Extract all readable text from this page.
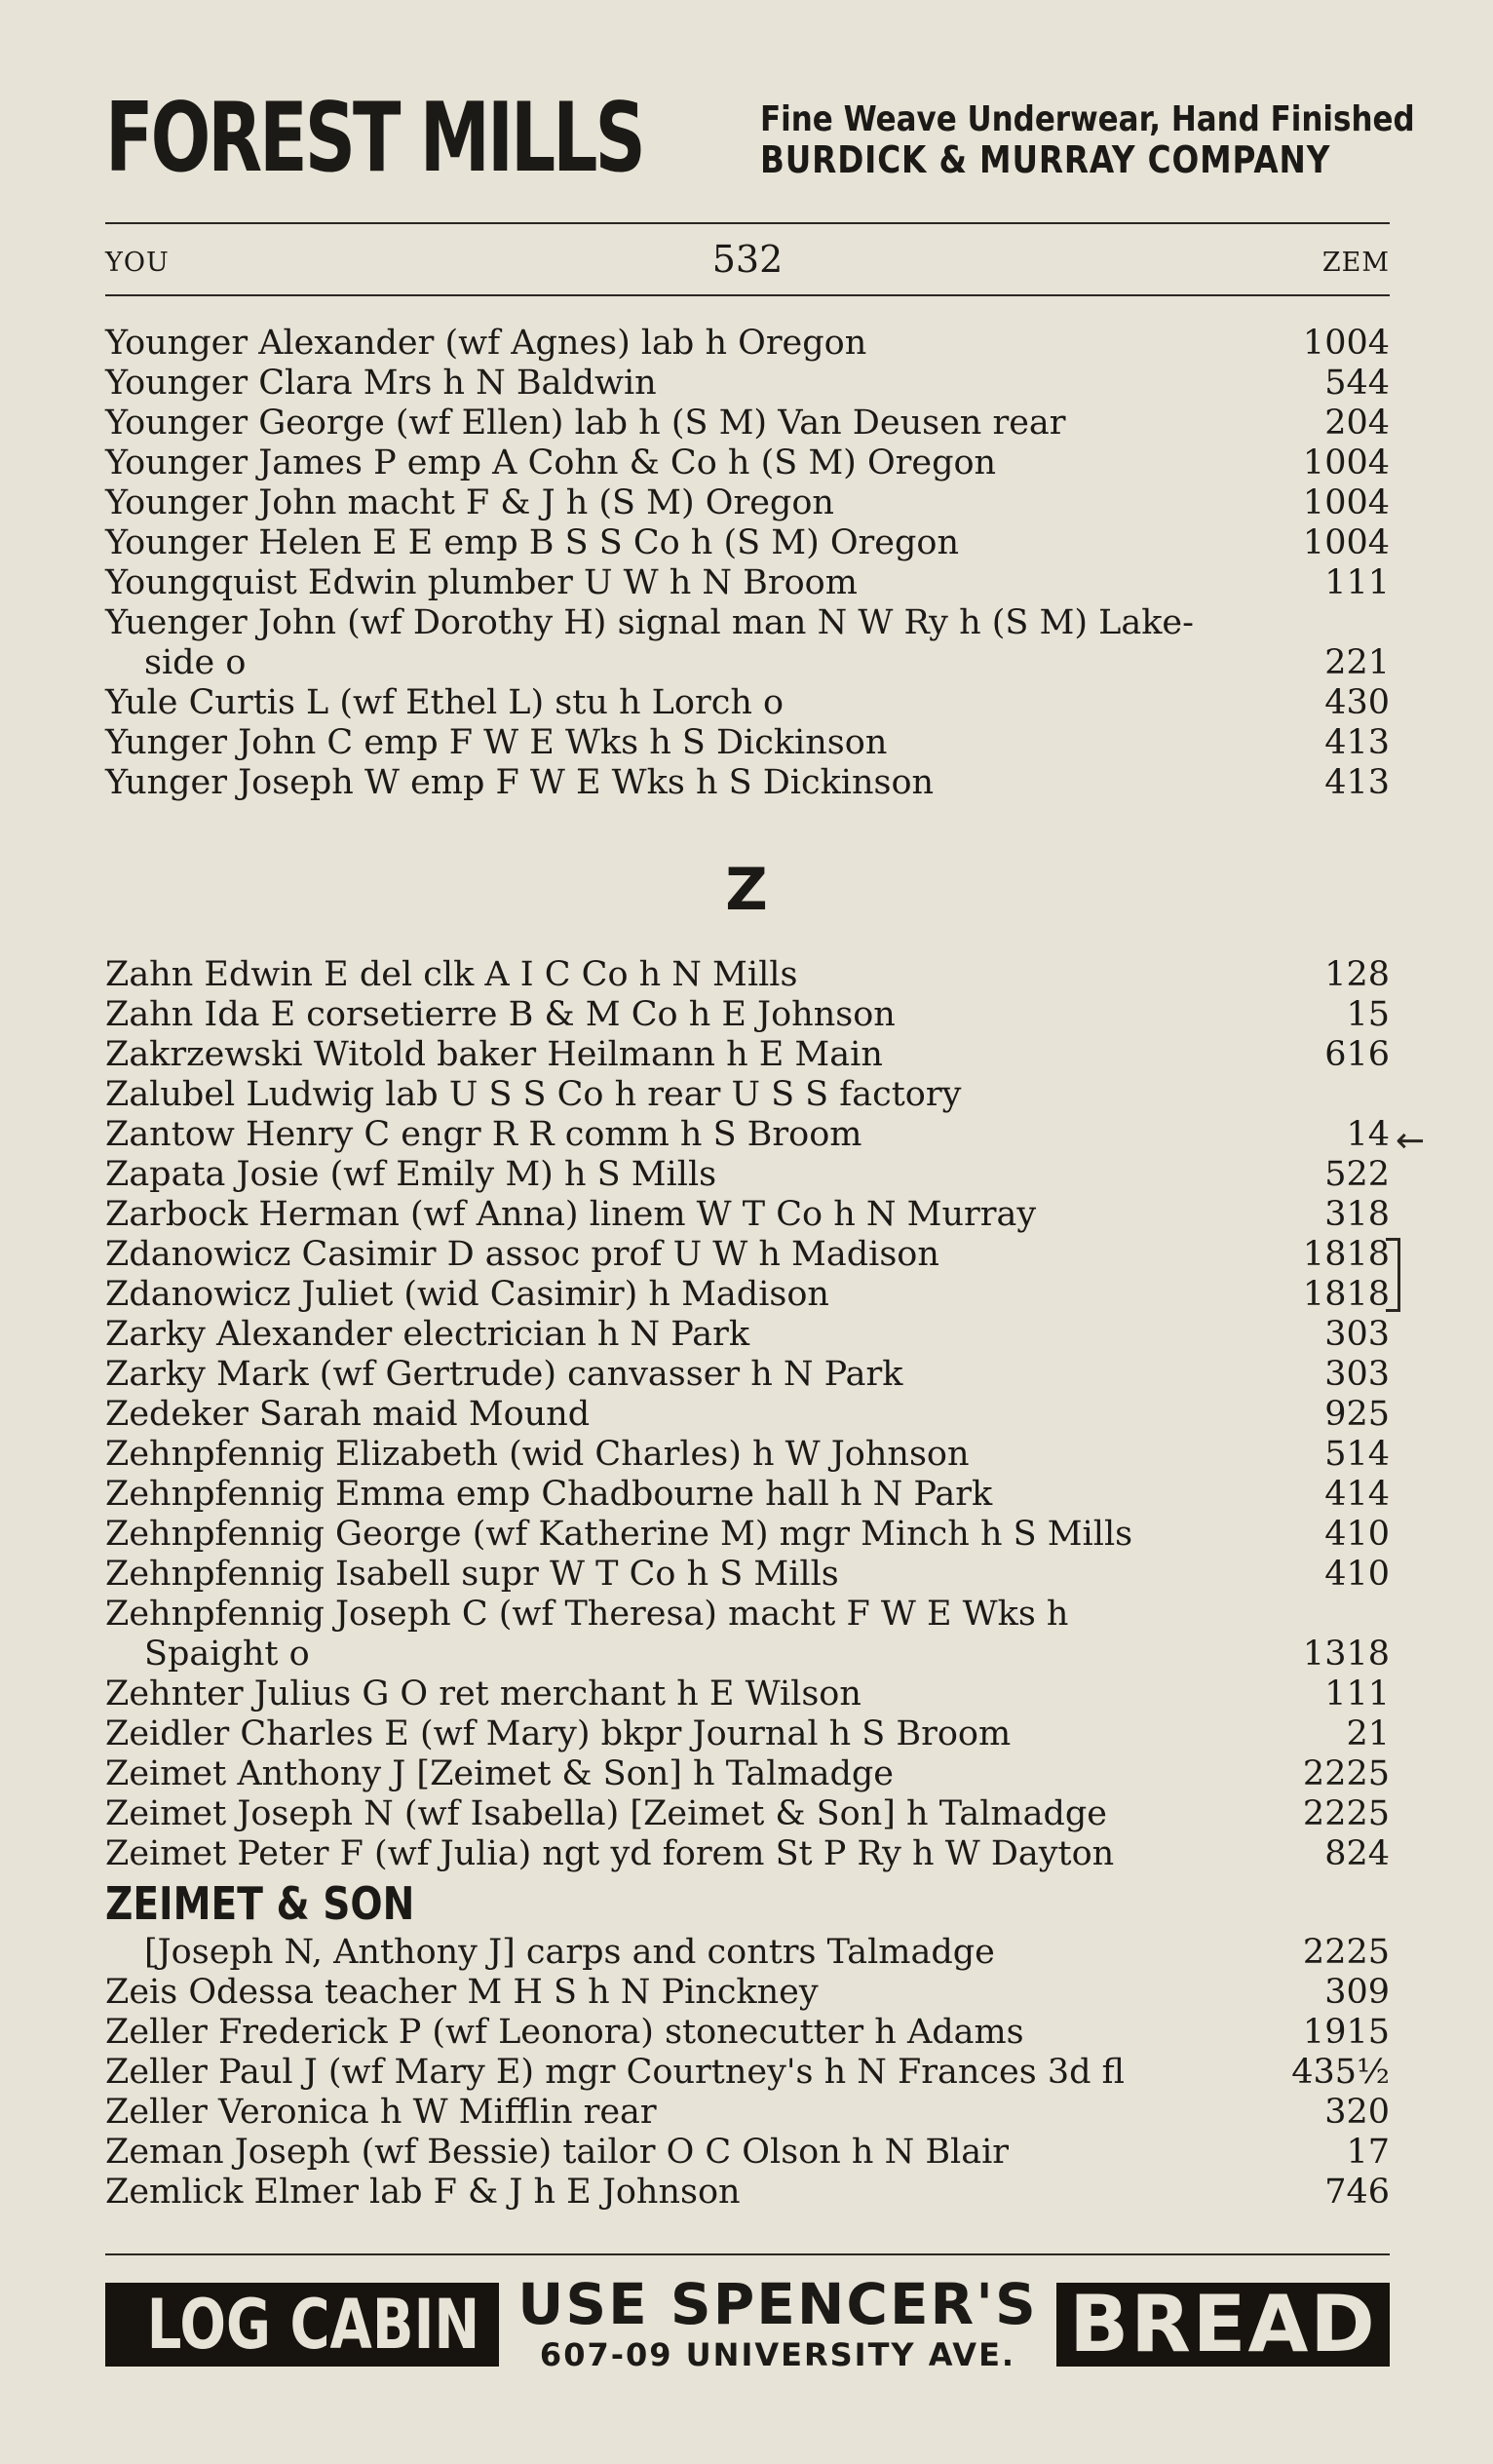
FOREST MILLS	Fine Weave Underwear, Hand Finished
BURDICK & MURRAY COMPANY
YOU	532	ZEM
Younger Alexander (wf Agnes) lab h Oregon	1004
Younger Clara Mrs h N Baldwin	544
Younger George (wf Ellen) lab h (S M) Van Deusen rear	204
Younger James P emp A Cohn & Co h (S M) Oregon	1004
Younger John macht F & J h (S M) Oregon	1004
Younger Helen E E emp B S S Co h (S M) Oregon	1004
Youngquist Edwin plumber U W h N Broom	111
Yuenger John (wf Dorothy H) signal man N W Ry h (S M) Lake-
side o	221
Yule Curtis L (wf Ethel L) stu h Lorch o	430
Yunger John C emp F W E Wks h S Dickinson	413
Yunger Joseph W emp F W E Wks h S Dickinson	413
Z
Zahn Edwin E del clk A I C Co h N Mills	128
Zahn Ida E corsetierre B & M Co h E Johnson	15
Zakrzewski Witold baker Heilmann h E Main	616
Zalubel Ludwig lab U S S Co h rear U S S factory
Zantow Henry C engr R R comm h S Broom	14
Zapata Josie (wf Emily M) h S Mills	522
Zarbock Herman (wf Anna) linem W T Co h N Murray	318
Zdanowicz Casimir D assoc prof U W h Madison	1818
Zdanowicz Juliet (wid Casimir) h Madison	1818
Zarky Alexander electrician h N Park	303
Zarky Mark (wf Gertrude) canvasser h N Park	303
Zedeker Sarah maid Mound	925
Zehnpfennig Elizabeth (wid Charles) h W Johnson	514
Zehnpfennig Emma emp Chadbourne hall h N Park	414
Zehnpfennig George (wf Katherine M) mgr Minch h S Mills	410
Zehnpfennig Isabell supr W T Co h S Mills	410
Zehnpfennig Joseph C (wf Theresa) macht F W E Wks h
Spaight o	1318
Zehnter Julius G O ret merchant h E Wilson	111
Zeidler Charles E (wf Mary) bkpr Journal h S Broom	21
Zeimet Anthony J [Zeimet & Son] h Talmadge	2225
Zeimet Joseph N (wf Isabella) [Zeimet & Son] h Talmadge	2225
Zeimet Peter F (wf Julia) ngt yd forem St P Ry h W Dayton	824
ZEIMET & SON
[Joseph N, Anthony J] carps and contrs Talmadge	2225
Zeis Odessa teacher M H S h N Pinckney	309
Zeller Frederick P (wf Leonora) stonecutter h Adams	1915
Zeller Paul J (wf Mary E) mgr Courtney's h N Frances 3d fl	435½
Zeller Veronica h W Mifflin rear	320
Zeman Joseph (wf Bessie) tailor O C Olson h N Blair	17
Zemlick Elmer lab F & J h E Johnson	746
←
LOG CABIN USE SPENCER'S
607-09 UNIVERSITY AVE. BREAD
